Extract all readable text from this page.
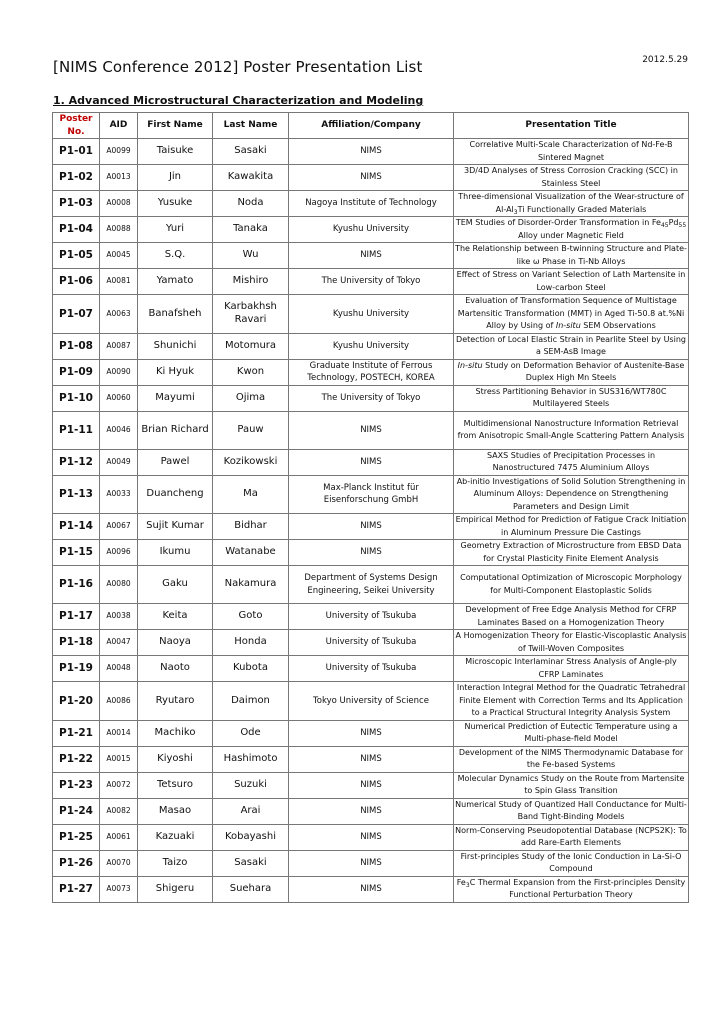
2012.5.29
[NIMS Conference 2012] Poster Presentation List
1. Advanced Microstructural Characterization and Modeling
Poster No.	AID	First Name	Last Name	Affiliation/Company	Presentation Title
P1-01	A0099	Taisuke	Sasaki	NIMS	Correlative Multi-Scale Characterization of Nd-Fe-B Sintered Magnet
P1-02	A0013	Jin	Kawakita	NIMS	3D/4D Analyses of Stress Corrosion Cracking (SCC) in Stainless Steel
P1-03	A0008	Yusuke	Noda	Nagoya Institute of Technology	Three-dimensional Visualization of the Wear-structure of $Al-Al_3Ti$ Functionally Graded Materials
P1-04	A0088	Yuri	Tanaka	Kyushu University	TEM Studies of Disorder-Order Transformation in $Fe_{45}Pd_{55}$ Alloy under Magnetic Field
P1-05	A0045	S.Q.	Wu	NIMS	The Relationship between B-twinning Structure and Plate-like ω Phase in Ti-Nb Alloys
P1-06	A0081	Yamato	Mishiro	The University of Tokyo	Effect of Stress on Variant Selection of Lath Martensite in Low-carbon Steel
P1-07	A0063	Banafsheh	Karbakhsh Ravari	Kyushu University	Evaluation of Transformation Sequence of Multistage Martensitic Transformation (MMT) in Aged Ti-50.8 at.%Ni Alloy by Using of In-situ SEM Observations
P1-08	A0087	Shunichi	Motomura	Kyushu University	Detection of Local Elastic Strain in Pearlite Steel by Using a SEM-AsB Image
P1-09	A0090	Ki Hyuk	Kwon	Graduate Institute of Ferrous Technology, POSTECH, KOREA	In-situ Study on Deformation Behavior of Austenite-Base Duplex High Mn Steels
P1-10	A0060	Mayumi	Ojima	The University of Tokyo	Stress Partitioning Behavior in SUS316/WT780C Multilayered Steels
P1-11	A0046	Brian Richard	Pauw	NIMS	Multidimensional Nanostructure Information Retrieval from Anisotropic Small-Angle Scattering Pattern Analysis
P1-12	A0049	Pawel	Kozikowski	NIMS	SAXS Studies of Precipitation Processes in Nanostructured 7475 Aluminium Alloys
P1-13	A0033	Duancheng	Ma	Max-Planck Institut für Eisenforschung GmbH	Ab-initio Investigations of Solid Solution Strengthening in Aluminum Alloys: Dependence on Strengthening Parameters and Design Limit
P1-14	A0067	Sujit Kumar	Bidhar	NIMS	Empirical Method for Prediction of Fatigue Crack Initiation in Aluminum Pressure Die Castings
P1-15	A0096	Ikumu	Watanabe	NIMS	Geometry Extraction of Microstructure from EBSD Data for Crystal Plasticity Finite Element Analysis
P1-16	A0080	Gaku	Nakamura	Department of Systems Design Engineering, Seikei University	Computational Optimization of Microscopic Morphology for Multi-Component Elastoplastic Solids
P1-17	A0038	Keita	Goto	University of Tsukuba	Development of Free Edge Analysis Method for CFRP Laminates Based on a Homogenization Theory
P1-18	A0047	Naoya	Honda	University of Tsukuba	A Homogenization Theory for Elastic-Viscoplastic Analysis of Twill-Woven Composites
P1-19	A0048	Naoto	Kubota	University of Tsukuba	Microscopic Interlaminar Stress Analysis of Angle-ply CFRP Laminates
P1-20	A0086	Ryutaro	Daimon	Tokyo University of Science	Interaction Integral Method for the Quadratic Tetrahedral Finite Element with Correction Terms and Its Application to a Practical Structural Integrity Analysis System
P1-21	A0014	Machiko	Ode	NIMS	Numerical Prediction of Eutectic Temperature using a Multi-phase-field Model
P1-22	A0015	Kiyoshi	Hashimoto	NIMS	Development of the NIMS Thermodynamic Database for the Fe-based Systems
P1-23	A0072	Tetsuro	Suzuki	NIMS	Molecular Dynamics Study on the Route from Martensite to Spin Glass Transition
P1-24	A0082	Masao	Arai	NIMS	Numerical Study of Quantized Hall Conductance for Multi-Band Tight-Binding Models
P1-25	A0061	Kazuaki	Kobayashi	NIMS	Norm-Conserving Pseudopotential Database (NCPS2K): To add Rare-Earth Elements
P1-26	A0070	Taizo	Sasaki	NIMS	First-principles Study of the Ionic Conduction in La-Si-O Compound
P1-27	A0073	Shigeru	Suehara	NIMS	$Fe_3C$ Thermal Expansion from the First-principles Density Functional Perturbation Theory
